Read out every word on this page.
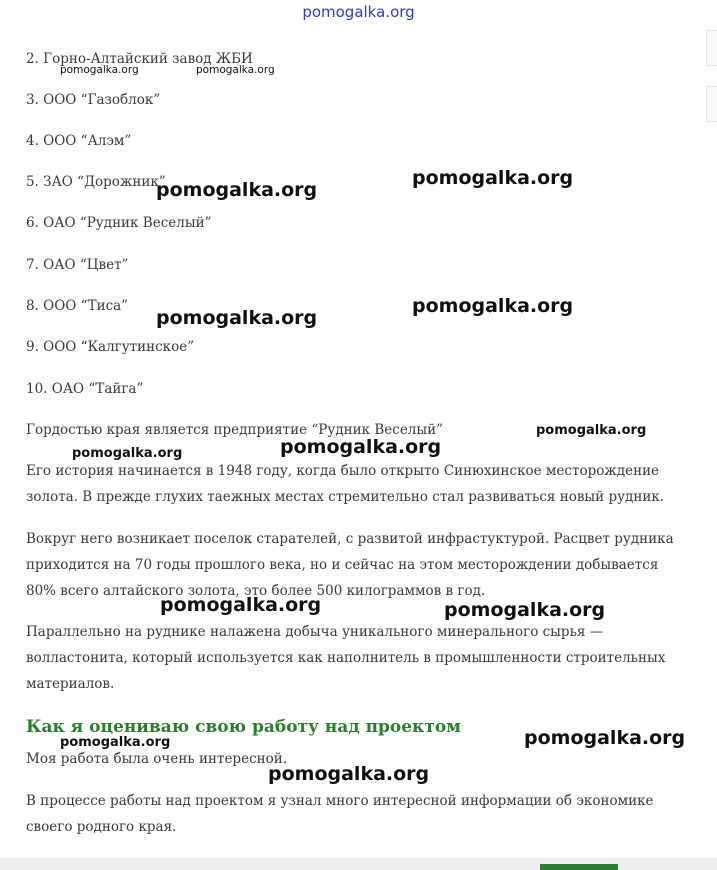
pomogalka.org

2. Горно-Алтайский завод ЖБИ

3. ООО “Газоблок”

4. ООО “Алэм”

5. ЗАО “Дорожник”

6. ОАО “Рудник Веселый”

7. ОАО “Цвет”

8. ООО “Тиса”

9. ООО “Калгутинское”

10. ОАО “Тайга”

Гордостью края является предприятие “Рудник Веселый”

Его история начинается в 1948 году, когда было открыто Синюхинское месторождение золота. В прежде глухих таежных местах стремительно стал развиваться новый рудник.

Вокруг него возникает поселок старателей, с развитой инфрастуктурой. Расцвет рудника приходится на 70 годы прошлого века, но и сейчас на этом месторождении добывается 80% всего алтайского золота, это более 500 килограммов в год.

Параллельно на руднике налажена добыча уникального минерального сырья — волластонита, который используется как наполнитель в промышленности строительных материалов.

Как я оцениваю свою работу над проектом

Моя работа была очень интересной.

В процессе работы над проектом я узнал много интересной информации об экономике своего родного края.

pomogalka.org	pomogalka.org
pomogalka.org
pomogalka.org
pomogalka.org
pomogalka.org
pomogalka.org
pomogalka.org
pomogalka.org
pomogalka.org	pomogalka.org
pomogalka.org	pomogalka.org
pomogalka.org
